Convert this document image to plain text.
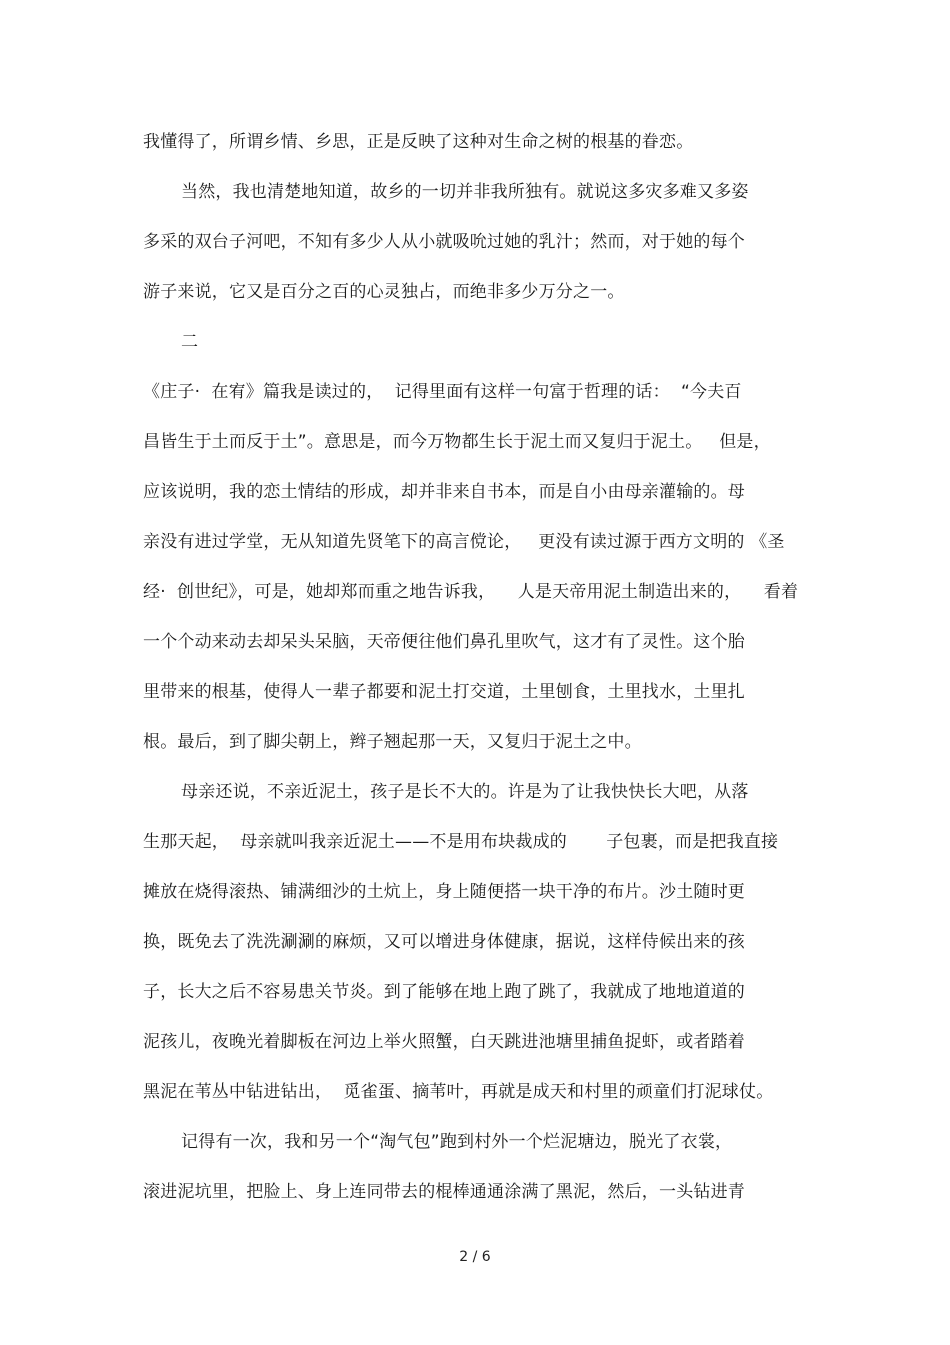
我懂得了，所谓乡情、乡思，正是反映了这种对生命之树的根基的眷恋。
当然，我也清楚地知道，故乡的一切并非我所独有。就说这多灾多难又多姿
多采的双台子河吧，不知有多少人从小就吸吮过她的乳汁；然而，对于她的每个
游子来说，它又是百分之百的心灵独占，而绝非多少万分之一。
二
《庄子·  在宥》篇我是读过的，  记得里面有这样一句富于哲理的话：  “今夫百
昌皆生于土而反于土”。意思是，而今万物都生长于泥土而又复归于泥土。   但是，
应该说明，我的恋土情结的形成，却并非来自书本，而是自小由母亲灌输的。母
亲没有进过学堂，无从知道先贤笔下的高言傥论，   更没有读过源于西方文明的 《圣
经·  创世纪》，可是，她却郑而重之地告诉我，    人是天帝用泥土制造出来的，    看着
一个个动来动去却呆头呆脑，天帝便往他们鼻孔里吹气，这才有了灵性。这个胎
里带来的根基，使得人一辈子都要和泥土打交道，土里刨食，土里找水，土里扎
根。最后，到了脚尖朝上，辫子翘起那一天，又复归于泥土之中。
母亲还说，不亲近泥土，孩子是长不大的。许是为了让我快快长大吧，从落
生那天起，  母亲就叫我亲近泥土——不是用布块裁成的       子包裹，而是把我直接
摊放在烧得滚热、铺满细沙的土炕上，身上随便搭一块干净的布片。沙土随时更
换，既免去了洗洗涮涮的麻烦，又可以增进身体健康，据说，这样侍候出来的孩
子，长大之后不容易患关节炎。到了能够在地上跑了跳了，我就成了地地道道的
泥孩儿，夜晚光着脚板在河边上举火照蟹，白天跳进池塘里捕鱼捉虾，或者踏着
黑泥在苇丛中钻进钻出，  觅雀蛋、摘苇叶，再就是成天和村里的顽童们打泥球仗。
记得有一次，我和另一个“淘气包”跑到村外一个烂泥塘边，脱光了衣裳，
滚进泥坑里，把脸上、身上连同带去的棍棒通通涂满了黑泥，然后，一头钻进青
2 / 6
